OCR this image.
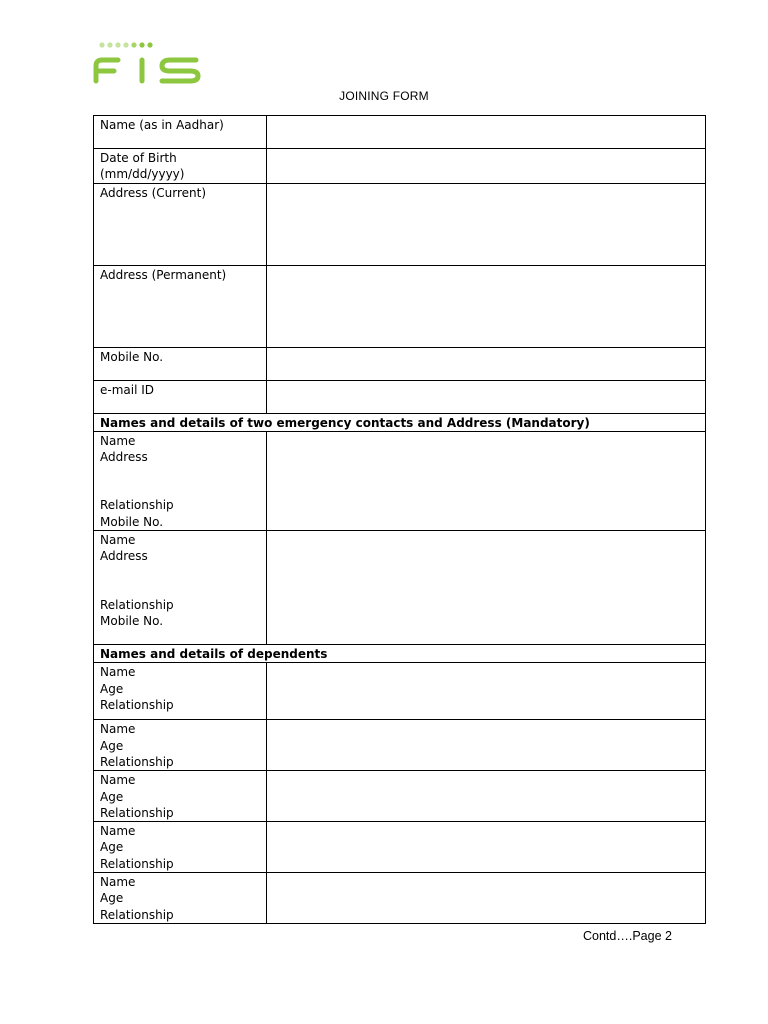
JOINING FORM
Name (as in Aadhar)	

Date of Birth
(mm/dd/yyyy)	

Address (Current)	

Address (Permanent)	

Mobile No.	

e-mail ID	

Names and details of two emergency contacts and Address (Mandatory)	

Name
Address
Relationship
Mobile No.	

Name
Address
Relationship
Mobile No.	

Names and details of dependents	

Name
Age
Relationship	

Name
Age
Relationship	

Name
Age
Relationship	

Name
Age
Relationship	

Name
Age
Relationship	

Contd….Page 2
